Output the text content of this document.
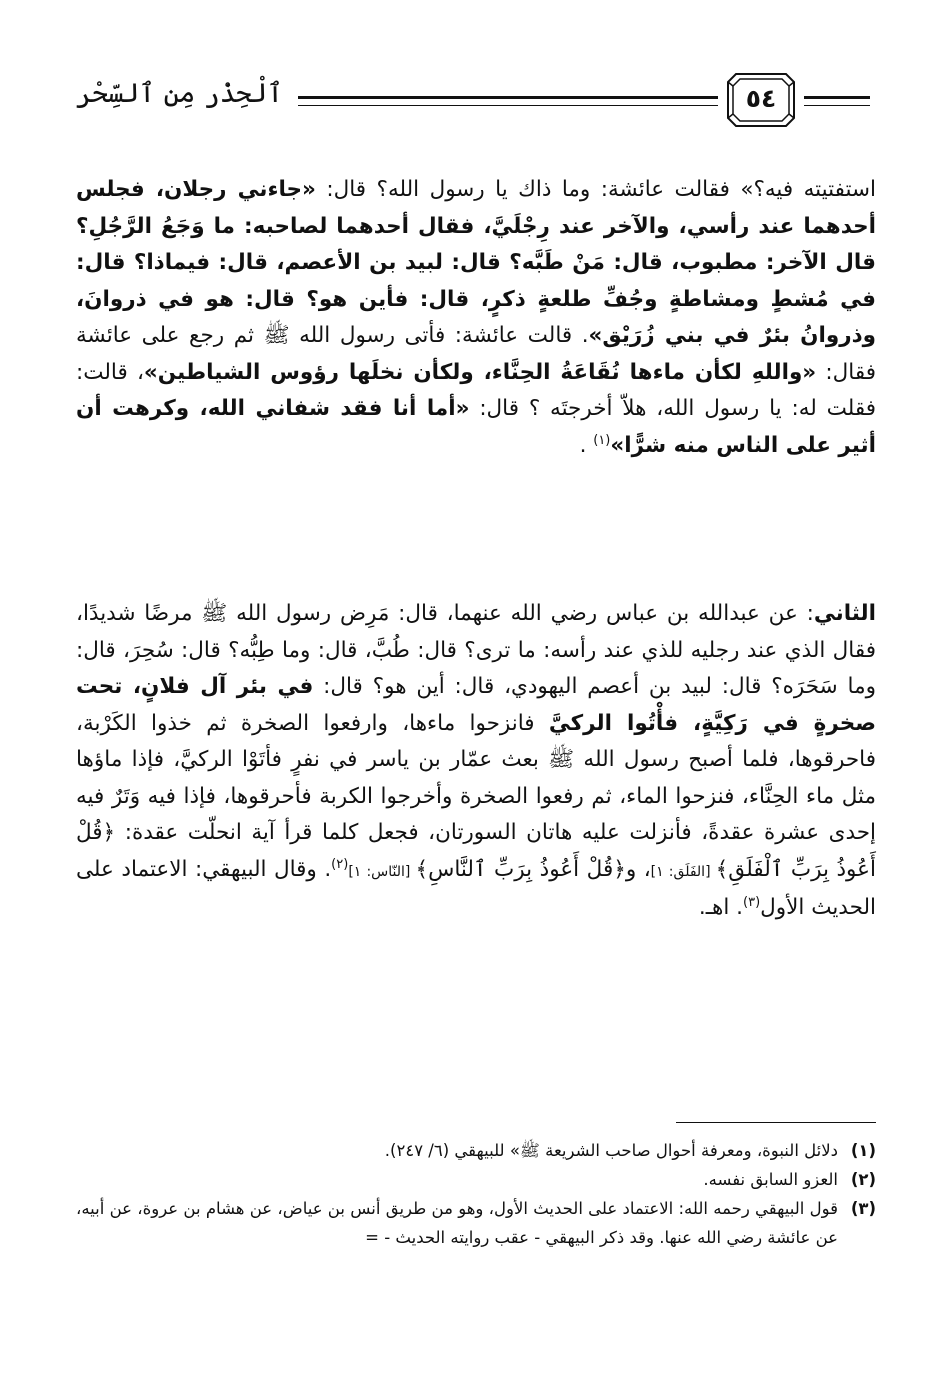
ٱلْحِذْر مِن ٱلسِّحْر	٥٤
استفتيته فيه؟» فقالت عائشة: وما ذاك يا رسول الله؟ قال: «جاءني رجلان، فجلس أحدهما عند رأسي، والآخر عند رِجْلَيَّ، فقال أحدهما لصاحبه: ما وَجَعُ الرَّجُلِ؟ قال الآخر: مطبوب، قال: مَنْ طَبَّه؟ قال: لبيد بن الأعصم، قال: فيماذا؟ قال: في مُشطٍ ومشاطةٍ وجُفِّ طلعةٍ ذكرٍ، قال: فأين هو؟ قال: هو في ذروانَ، وذروانُ بئرٌ في بني زُرَيْق». قالت عائشة: فأتى رسول الله ﷺ ثم رجع على عائشة فقال: «واللهِ لكأن ماءها نُقَاعَةُ الحِنَّاء، ولكأن نخلَها رؤوس الشياطين»، قالت: فقلت له: يا رسول الله، هلاّ أخرجتَه ؟ قال: «أما أنا فقد شفاني الله، وكرهت أن أثير على الناس منه شرًّا»$^{(١)}$ .
الثاني: عن عبدالله بن عباس رضي الله عنهما، قال: مَرِض رسول الله ﷺ مرضًا شديدًا، فقال الذي عند رجليه للذي عند رأسه: ما ترى؟ قال: طُبَّ، قال: وما طِبُّه؟ قال: سُحِرَ، قال: وما سَحَرَه؟ قال: لبيد بن أعصم اليهودي، قال: أين هو؟ قال: في بئر آل فلانٍ، تحت صخرةٍ في رَكِيَّةٍ، فأْتُوا الركيَّ فانزحوا ماءها، وارفعوا الصخرة ثم خذوا الكَرْبة، فاحرقوها، فلما أصبح رسول الله ﷺ بعث عمّار بن ياسر في نفرٍ فأتَوْا الركيَّ، فإذا ماؤها مثل ماء الحِنَّاء، فنزحوا الماء، ثم رفعوا الصخرة وأخرجوا الكربة فأحرقوها، فإذا فيه وَتَرٌ فيه إحدى عشرة عقدةً، فأنزلت عليه هاتان السورتان، فجعل كلما قرأ آية انحلّت عقدة: ﴿قُلْ أَعُوذُ بِرَبِّ ٱلْفَلَقِ﴾ [الفَلَق: ١]، و﴿قُلْ أَعُوذُ بِرَبِّ ٱلنَّاسِ﴾ [النّاس: ١]$^{(٢)}$. وقال البيهقي: الاعتماد على الحديث الأول$^{(٣)}$. اهـ.
(١)
دلائل النبوة، ومعرفة أحوال صاحب الشريعة ﷺ» للبيهقي (٦/ ٢٤٧).
(٢)
العزو السابق نفسه.
(٣)
قول البيهقي رحمه الله: الاعتماد على الحديث الأول، وهو من طريق أنس بن عياض، عن هشام بن عروة، عن أبيه، عن عائشة رضي الله عنها. وقد ذكر البيهقي - عقب روايته الحديث - =
